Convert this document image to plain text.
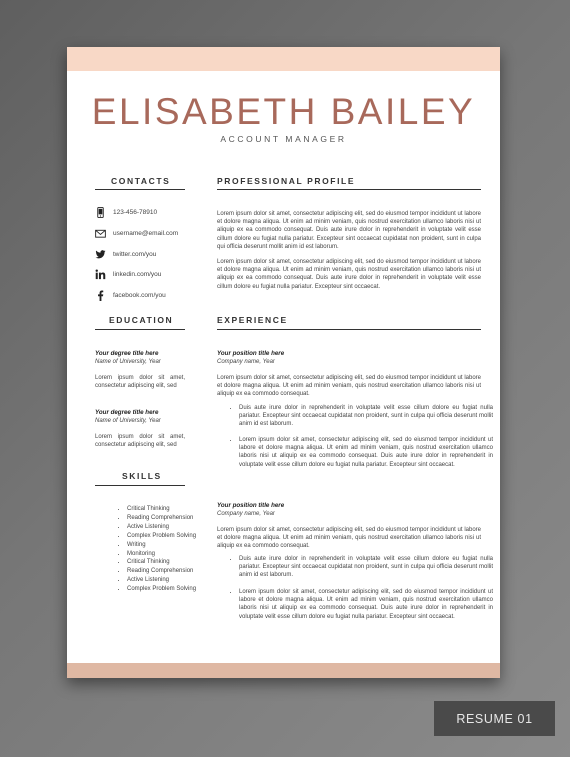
ELISABETH BAILEY
ACCOUNT MANAGER
CONTACTS
123-456-78910
username@email.com
twitter.com/you
linkedin.com/you
facebook.com/you
EDUCATION
Your degree title here
Name of University, Year

Lorem ipsum dolor sit amet, consectetur adipiscing elit, sed

Your degree title here
Name of University, Year

Lorem ipsum dolor sit amet, consectetur adipiscing elit, sed

SKILLS
• Critical Thinking
• Reading Comprehension
• Active Listening
• Complex Problem Solving
• Writing
• Monitoring
• Critical Thinking
• Reading Comprehension
• Active Listening
• Complex Problem Solving
PROFESSIONAL PROFILE

Lorem ipsum dolor sit amet, consectetur adipiscing elit, sed do eiusmod tempor incididunt ut labore et dolore magna aliqua. Ut enim ad minim veniam, quis nostrud exercitation ullamco laboris nisi ut aliquip ex ea commodo consequat. Duis aute irure dolor in reprehenderit in voluptate velit esse cillum dolore eu fugiat nulla pariatur. Excepteur sint occaecat cupidatat non proident, sunt in culpa qui officia deserunt mollit anim id est laborum.

Lorem ipsum dolor sit amet, consectetur adipiscing elit, sed do eiusmod tempor incididunt ut labore et dolore magna aliqua. Ut enim ad minim veniam, quis nostrud exercitation ullamco laboris nisi ut aliquip ex ea commodo consequat. Duis aute irure dolor in reprehenderit in voluptate velit esse cillum dolore eu fugiat nulla pariatur. Excepteur sint occaecat.

EXPERIENCE
Your position title here
Company name, Year

Lorem ipsum dolor sit amet, consectetur adipiscing elit, sed do eiusmod tempor incididunt ut labore et dolore magna aliqua. Ut enim ad minim veniam, quis nostrud exercitation ullamco laboris nisi ut aliquip ex ea commodo consequat.

• Duis aute irure dolor in reprehenderit in voluptate velit esse cillum dolore eu fugiat nulla pariatur. Excepteur sint occaecat cupidatat non proident, sunt in culpa qui officia deserunt mollit anim id est laborum.
• Lorem ipsum dolor sit amet, consectetur adipiscing elit, sed do eiusmod tempor incididunt ut labore et dolore magna aliqua. Ut enim ad minim veniam, quis nostrud exercitation ullamco laboris nisi ut aliquip ex ea commodo consequat. Duis aute irure dolor in reprehenderit in voluptate velit esse cillum dolore eu fugiat nulla pariatur. Excepteur sint occaecat.
Your position title here
Company name, Year

Lorem ipsum dolor sit amet, consectetur adipiscing elit, sed do eiusmod tempor incididunt ut labore et dolore magna aliqua. Ut enim ad minim veniam, quis nostrud exercitation ullamco laboris nisi ut aliquip ex ea commodo consequat.

• Duis aute irure dolor in reprehenderit in voluptate velit esse cillum dolore eu fugiat nulla pariatur. Excepteur sint occaecat cupidatat non proident, sunt in culpa qui officia deserunt mollit anim id est laborum.
• Lorem ipsum dolor sit amet, consectetur adipiscing elit, sed do eiusmod tempor incididunt ut labore et dolore magna aliqua. Ut enim ad minim veniam, quis nostrud exercitation ullamco laboris nisi ut aliquip ex ea commodo consequat. Duis aute irure dolor in reprehenderit in voluptate velit esse cillum dolore eu fugiat nulla pariatur. Excepteur sint occaecat.
RESUME 01
